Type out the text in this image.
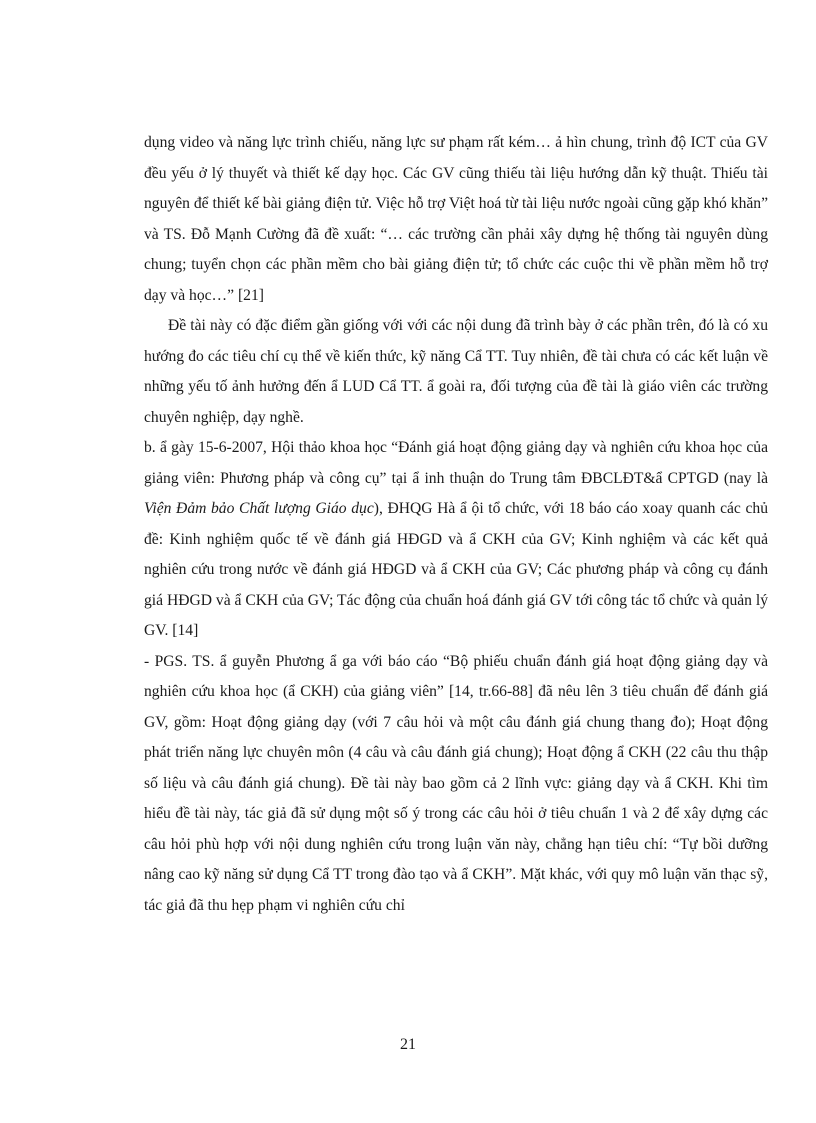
dụng video và năng lực trình chiếu, năng lực sư phạm rất kém… ả hìn chung, trình độ ICT của GV đều yếu ở lý thuyết và thiết kế dạy học. Các GV cũng thiếu tài liệu hướng dẫn kỹ thuật. Thiếu tài nguyên để thiết kế bài giảng điện tử. Việc hỗ trợ Việt hoá từ tài liệu nước ngoài cũng gặp khó khăn” và TS. Đỗ Mạnh Cường đã đề xuất: “… các trường cần phải xây dựng hệ thống tài nguyên dùng chung; tuyển chọn các phần mềm cho bài giảng điện tử; tổ chức các cuộc thi về phần mềm hỗ trợ dạy và học…” [21]

Đề tài này có đặc điểm gần giống với với các nội dung đã trình bày ở các phần trên, đó là có xu hướng đo các tiêu chí cụ thể về kiến thức, kỹ năng Cẩ TT. Tuy nhiên, đề tài chưa có các kết luận về những yếu tố ảnh hưởng đến ẩ LUD Cẩ TT. ẩ goài ra, đối tượng của đề tài là giáo viên các trường chuyên nghiệp, dạy nghề.

b. ẩ gày 15-6-2007, Hội thảo khoa học “Đánh giá hoạt động giảng dạy và nghiên cứu khoa học của giảng viên: Phương pháp và công cụ” tại ẩ inh thuận do Trung tâm ĐBCLĐT&ẩ CPTGD (nay là Viện Đảm bảo Chất lượng Giáo dục), ĐHQG Hà ẩ ội tổ chức, với 18 báo cáo xoay quanh các chủ đề: Kinh nghiệm quốc tế về đánh giá HĐGD và ẩ CKH của GV; Kinh nghiệm và các kết quả nghiên cứu trong nước về đánh giá HĐGD và ẩ CKH của GV; Các phương pháp và công cụ đánh giá HĐGD và ẩ CKH của GV; Tác động của chuẩn hoá đánh giá GV tới công tác tổ chức và quản lý GV. [14]

- PGS. TS. ẩ guyễn Phương ẩ ga với báo cáo “Bộ phiếu chuẩn đánh giá hoạt động giảng dạy và nghiên cứu khoa học (ẩ CKH) của giảng viên” [14, tr.66-88] đã nêu lên 3 tiêu chuẩn để đánh giá GV, gồm: Hoạt động giảng dạy (với 7 câu hỏi và một câu đánh giá chung thang đo); Hoạt động phát triển năng lực chuyên môn (4 câu và câu đánh giá chung); Hoạt động ẩ CKH (22 câu thu thập số liệu và câu đánh giá chung). Đề tài này bao gồm cả 2 lĩnh vực: giảng dạy và ẩ CKH. Khi tìm hiểu đề tài này, tác giả đã sử dụng một số ý trong các câu hỏi ở tiêu chuẩn 1 và 2 để xây dựng các câu hỏi phù hợp với nội dung nghiên cứu trong luận văn này, chẳng hạn tiêu chí: “Tự bồi dưỡng nâng cao kỹ năng sử dụng Cẩ TT trong đào tạo và ẩ CKH”. Mặt khác, với quy mô luận văn thạc sỹ, tác giả đã thu hẹp phạm vi nghiên cứu chỉ

21
